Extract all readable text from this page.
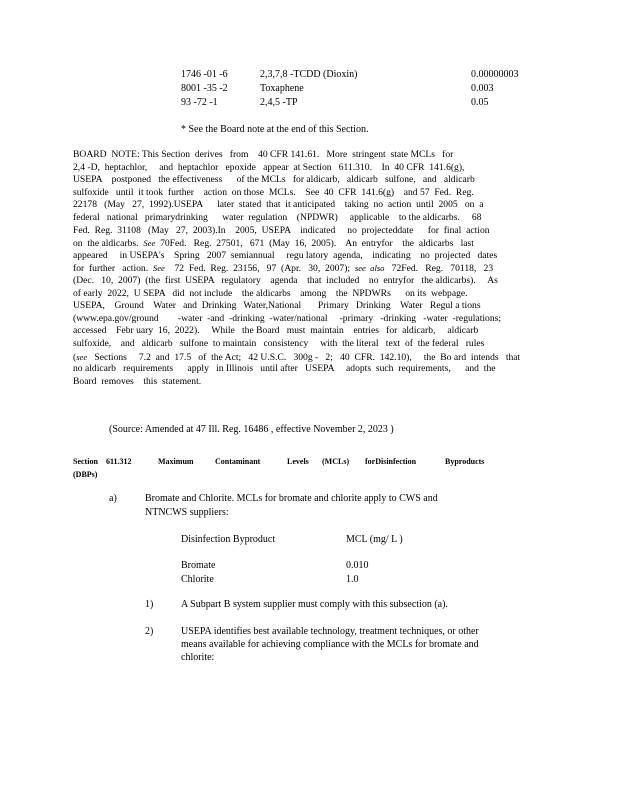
1746 -01 -6	2,3,7,8 -TCDD (Dioxin)	0.00000003
8001 -35 -2	Toxaphene	0.003
93 -72 -1	2,4,5 -TP	0.05
* See the Board note at the end of this Section.
BOARD  NOTE: This Section  derives   from    40 CFR 141.61.   More  stringent  state MCLs   for
2,4 -D,  heptachlor,     and  heptachlor   epoxide   appear  at Section   611.310.    In  40 CFR  141.6(g),
USEPA    postponed   the effectiveness      of the MCLs   for aldicarb,   aldicarb   sulfone,   and   aldicarb
sulfoxide   until  it took  further    action  on those  MCLs.    See  40  CFR  141.6(g)    and 57  Fed.  Reg.
22178   (May   27,  1992).USEPA      later  stated  that  it anticipated    taking  no  action  until  2005   on  a
federal   national   primarydrinking      water  regulation    (NPDWR)     applicable    to the aldicarbs.     68
Fed.  Reg.  31108   (May   27,  2003).In    2005,  USEPA    indicated     no  projecteddate      for  final  action
on  the aldicarbs.  See  70Fed.   Reg.  27501,   671  (May  16,  2005).    An  entryfor    the  aldicarbs   last
appeared     in USEPA's    Spring   2007  semiannual     regu latory  agenda,    indicating    no  projected   dates
for  further   action.  See    72  Fed.  Reg.  23156,   97  (Apr.   30,  2007);  see  also   72Fed.   Reg.   70118,   23
(Dec.   10,  2007)  (the  first  USEPA   regulatory    agenda    that  included    no  entryfor   the aldicarbs).     As
of early  2022,  U SEPA   did  not include    the aldicarbs    among    the  NPDWRs      on its  webpage.
USEPA,    Ground    Water   and  Drinking   Water,National       Primary   Drinking    Water   Regul a tions
(www.epa.gov/ground        -water  -and  -drinking  -water/national     -primary   -drinking   -water  -regulations;
accessed    Febr uary  16,  2022).     While   the Board   must  maintain    entries   for  aldicarb,     aldicarb
sulfoxide,    and   aldicarb   sulfone  to maintain   consistency     with  the literal   text  of  the federal   rules
(see   Sections     7.2  and  17.5   of  the Act;   42 U.S.C.   300g -   2;   40  CFR.  142.10),     the  Bo ard  intends   that
no aldicarb   requirements      apply   in Illinois   until after   USEPA     adopts  such  requirements,      and  the
Board  removes    this  statement.
(Source: Amended at 47 Ill. Reg. 16486 , effective November 2, 2023 )
Section 611.312	Maximum	Contaminant	Levels (MCLs) forDisinfection	Byproducts
(DBPs)
a)	Bromate and Chlorite. MCLs for bromate and chlorite apply to CWS and
NTNCWS suppliers:
Disinfection Byproduct	MCL (mg/ L )
Bromate	0.010
Chlorite	1.0
1)	A Subpart B system supplier must comply with this subsection (a).
2)	USEPA identifies best available technology, treatment techniques, or other
means available for achieving compliance with the MCLs for bromate and
chlorite:
